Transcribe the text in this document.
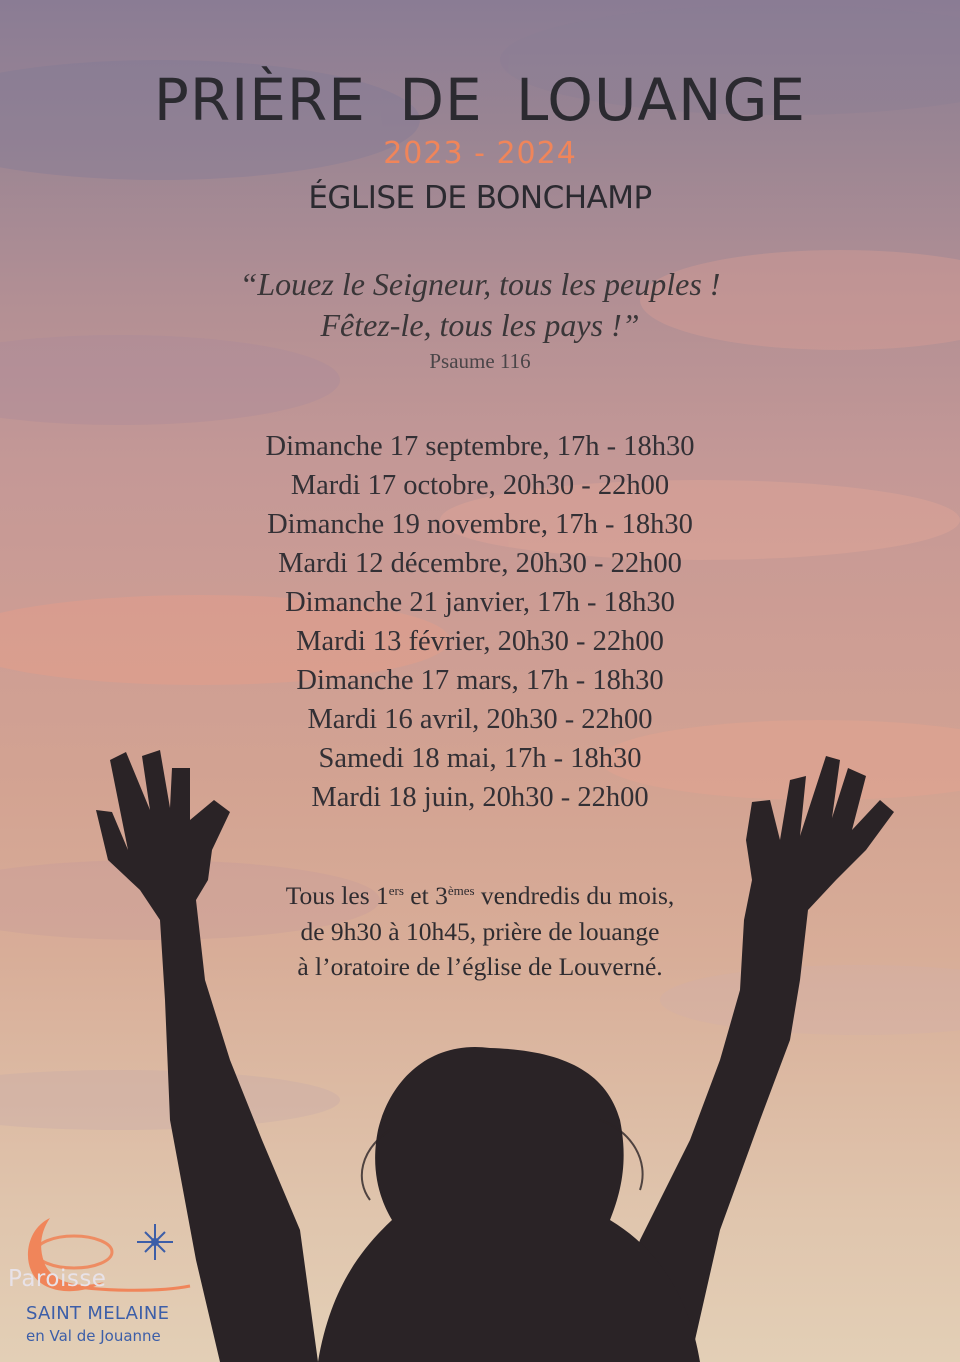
PRIÈRE DE LOUANGE
2023 - 2024
ÉGLISE DE BONCHAMP
“Louez le Seigneur, tous les peuples !
Fêtez-le, tous les pays !”
Psaume 116
Dimanche 17 septembre, 17h - 18h30
Mardi 17 octobre, 20h30 - 22h00
Dimanche 19 novembre, 17h - 18h30
Mardi 12 décembre, 20h30 - 22h00
Dimanche 21 janvier, 17h - 18h30
Mardi 13 février, 20h30 - 22h00
Dimanche 17 mars, 17h - 18h30
Mardi 16 avril, 20h30 - 22h00
Samedi 18 mai, 17h - 18h30
Mardi 18 juin, 20h30 - 22h00
Tous les 1ers et 3èmes vendredis du mois,
de 9h30 à 10h45, prière de louange
à l’oratoire de l’église de Louverné.
Paroisse
SAINT MELAINE
en Val de Jouanne
